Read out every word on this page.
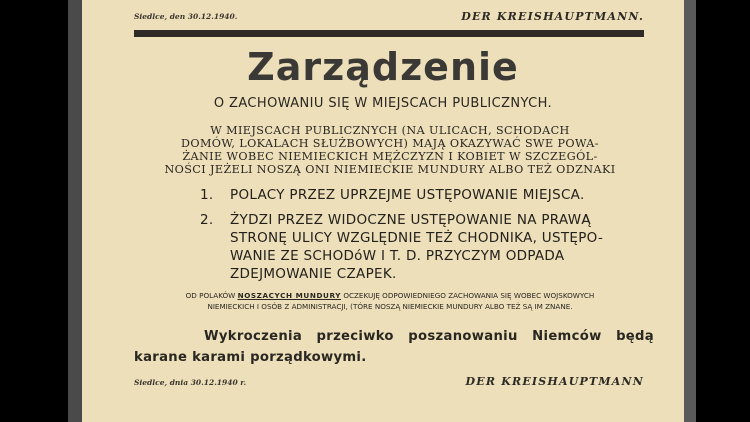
Siedlce, den 30.12.1940.	DER KREISHAUPTMANN.
Zarządzenie
O ZACHOWANIU SIĘ W MIEJSCACH PUBLICZNYCH.
W MIEJSCACH PUBLICZNYCH (NA ULICACH, SCHODACH
DOMÓW, LOKALACH SŁUŻBOWYCH) MAJĄ OKAZYWAĆ SWE POWA-
ŻANIE WOBEC NIEMIECKICH MĘŻCZYZN I KOBIET W SZCZEGÓL-
NOŚCI JEŻELI NOSZĄ ONI NIEMIECKIE MUNDURY ALBO TEŻ ODZNAKI
1. POLACY PRZEZ UPRZEJME USTĘPOWANIE MIEJSCA.
2. ŻYDZI PRZEZ WIDOCZNE USTĘPOWANIE NA PRAWĄ
STRONĘ ULICY WZGLĘDNIE TEŻ CHODNIKA, USTĘPO-
WANIE ZE SCHODóW I T. D. PRZYCZYM ODPADA
ZDEJMOWANIE CZAPEK.
OD POLAKÓW NOSZACYCH MUNDURY OCZEKUJĘ ODPOWIEDNIEGO ZACHOWANIA SIĘ WOBEC WOJSKOWYCH
NIEMIECKICH I OSÓB Z ADMINISTRACJI, (TÓRE NOSZĄ NIEMIECKIE MUNDURY ALBO TEŻ SĄ IM ZNANE.
Wykroczenia przeciwko poszanowaniu Niemców będą karane karami porządkowymi.
Siedlce, dnia 30.12.1940 r.	DER KREISHAUPTMANN
